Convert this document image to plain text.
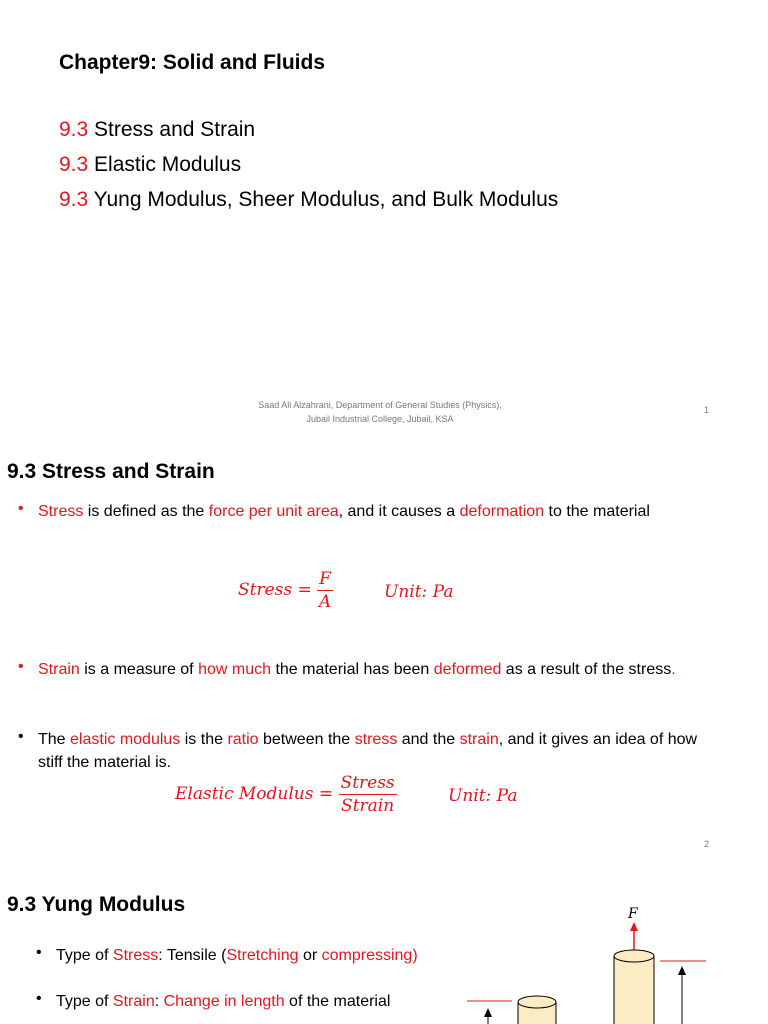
Chapter9: Solid and Fluids
9.3 Stress and Strain
9.3 Elastic Modulus
9.3 Yung Modulus, Sheer Modulus, and Bulk Modulus
Saad Ali Alzahrani, Department of General Studies (Physics),
Jubail Industrial College, Jubail, KSA
1
9.3 Stress and Strain
• Stress is defined as the force per unit area, and it causes a deformation to the material
Stress = $\frac{F}{A}$	Unit: Pa
• Strain is a measure of how much the material has been deformed as a result of the stress.
• The elastic modulus is the ratio between the stress and the strain, and it gives an idea of how stiff the material is.
Elastic Modulus = $\frac{\text{Stress}}{\text{Strain}}$	Unit: Pa
2
9.3 Yung Modulus
• Type of Stress: Tensile (Stretching or compressing)
• Type of Strain: Change in length of the material
F
